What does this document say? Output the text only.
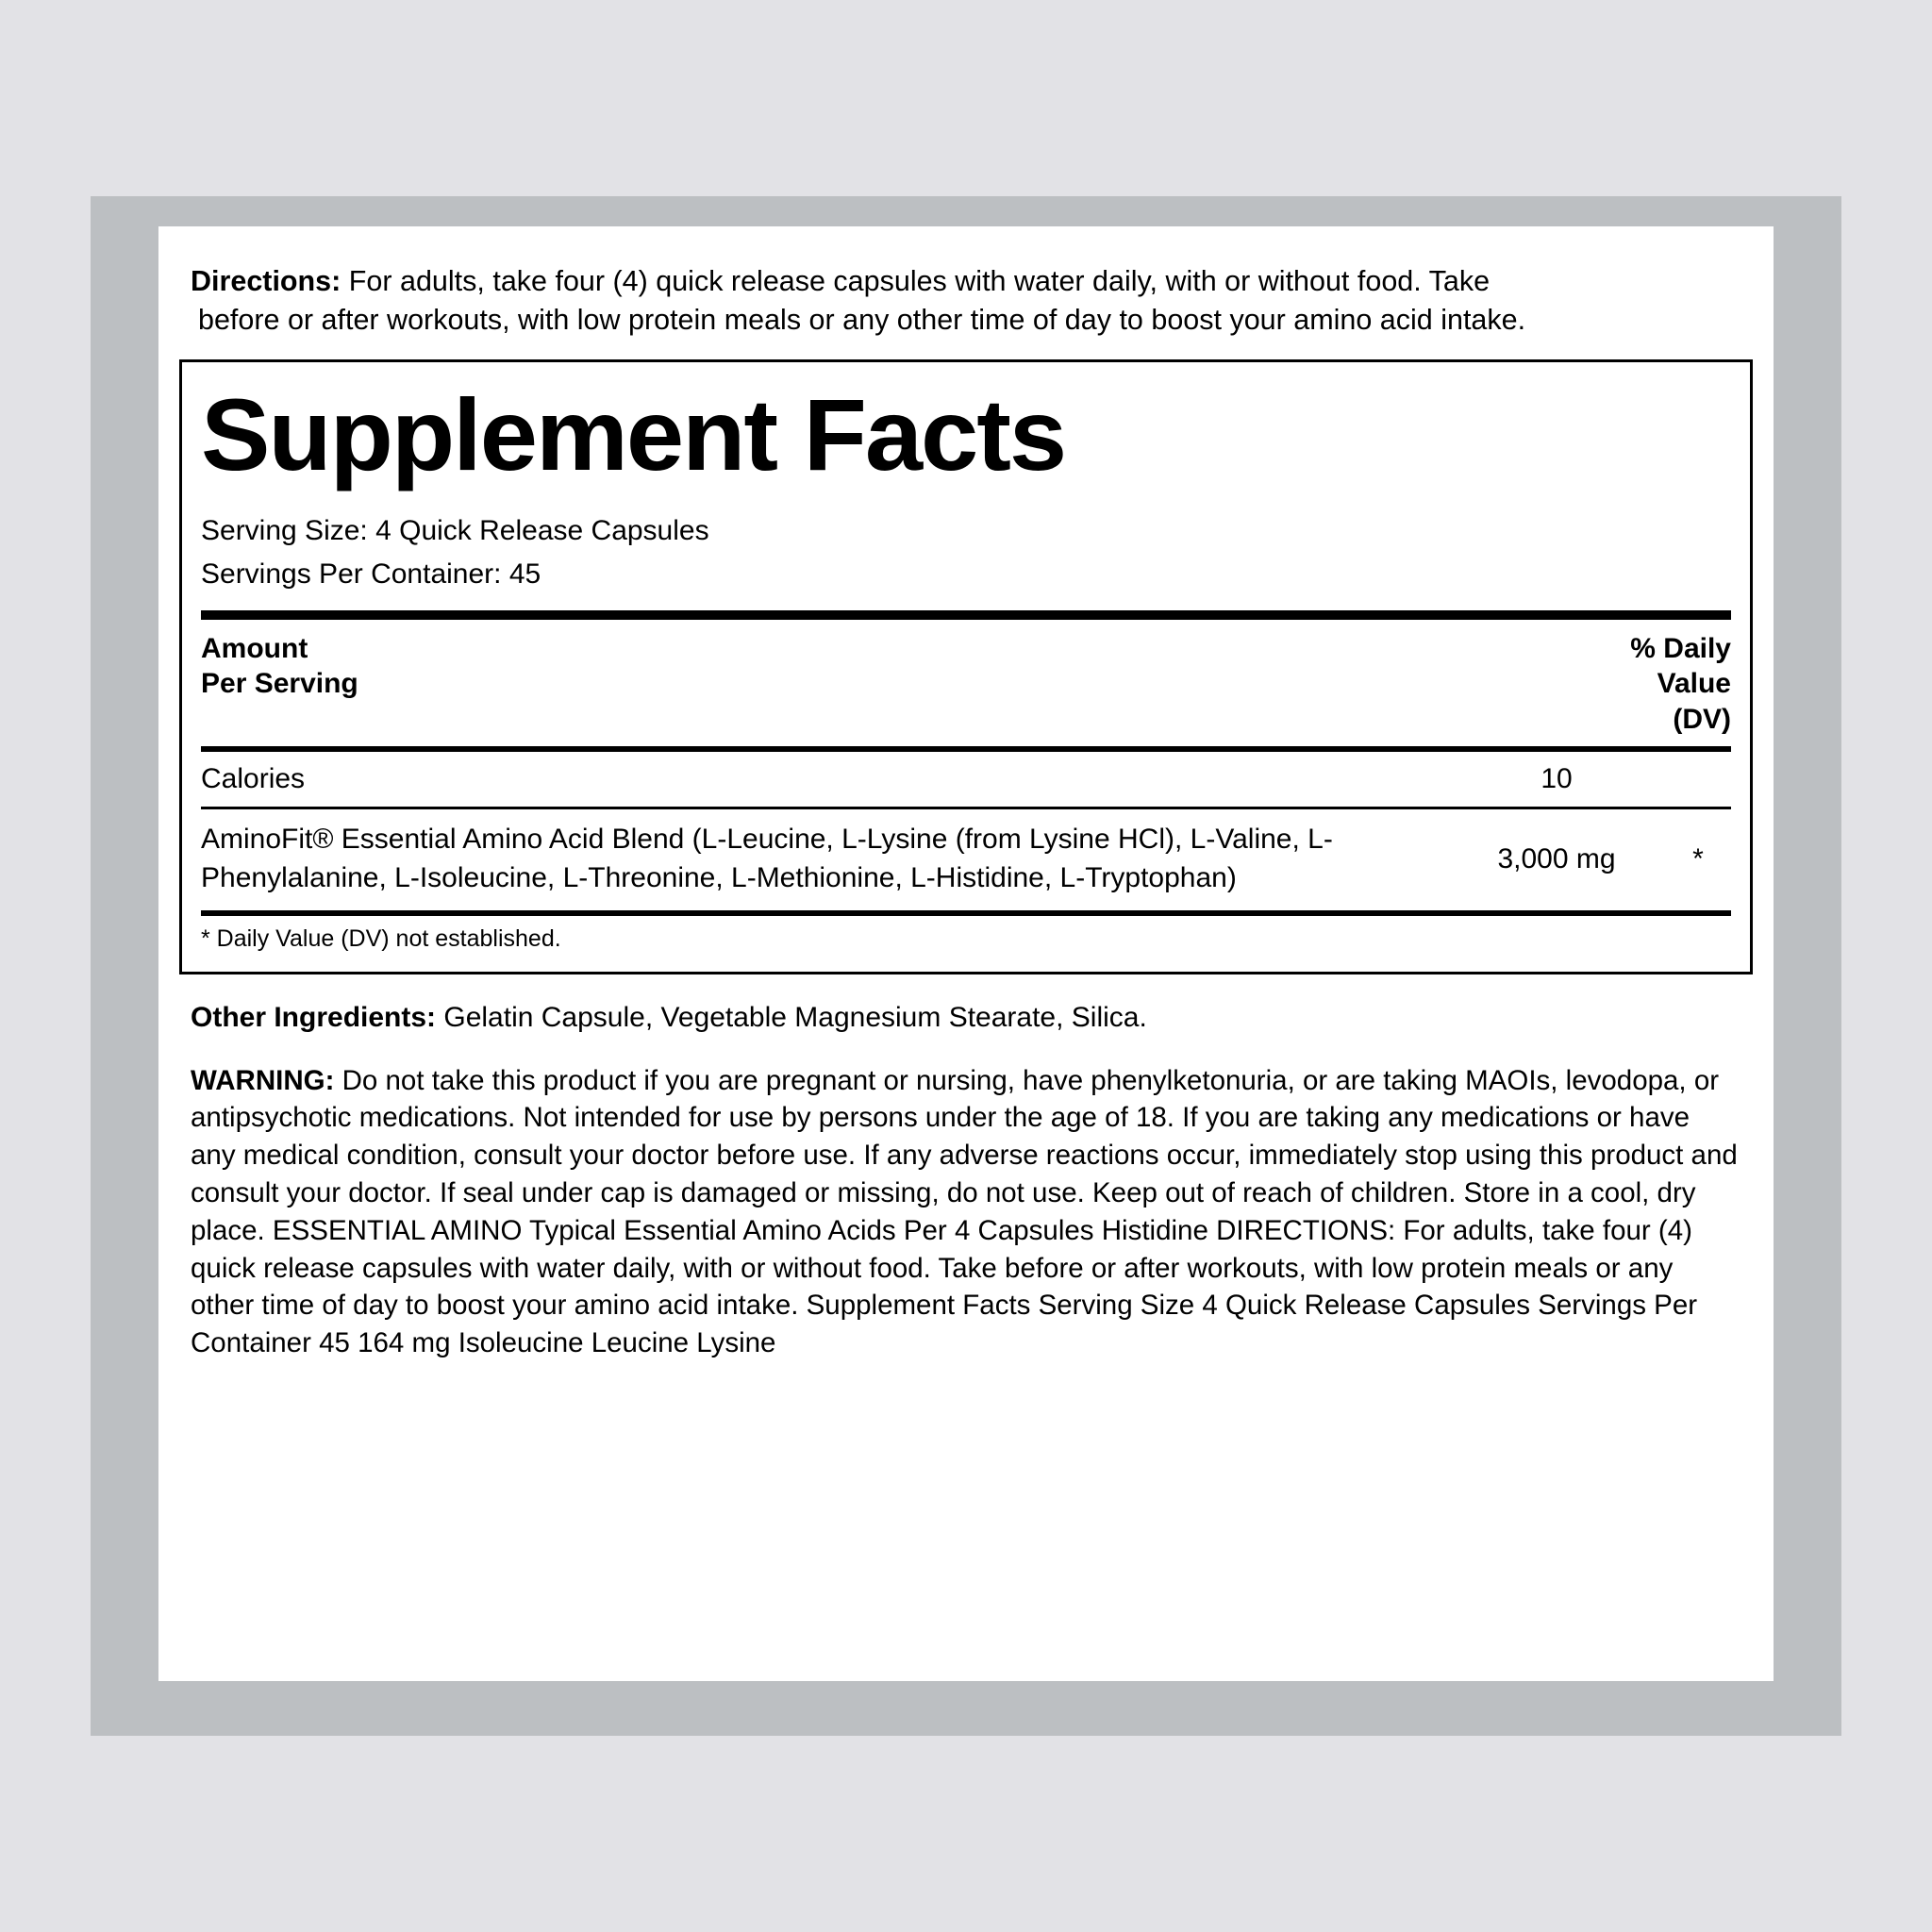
Directions: For adults, take four (4) quick release capsules with water daily, with or without food. Take
before or after workouts, with low protein meals or any other time of day to boost your amino acid intake.
Supplement Facts
Serving Size: 4 Quick Release Capsules
Servings Per Container: 45
Amount
Per Serving
% Daily
Value
(DV)
Calories	10
AminoFit® Essential Amino Acid Blend (L-Leucine, L-Lysine (from Lysine HCl), L-Valine, L-Phenylalanine, L-Isoleucine, L-Threonine, L-Methionine, L-Histidine, L-Tryptophan)
3,000 mg	*
* Daily Value (DV) not established.
Other Ingredients: Gelatin Capsule, Vegetable Magnesium Stearate, Silica.
WARNING: Do not take this product if you are pregnant or nursing, have phenylketonuria, or are taking MAOIs, levodopa, or antipsychotic medications. Not intended for use by persons under the age of 18. If you are taking any medications or have any medical condition, consult your doctor before use. If any adverse reactions occur, immediately stop using this product and consult your doctor. If seal under cap is damaged or missing, do not use. Keep out of reach of children. Store in a cool, dry place. ESSENTIAL AMINO Typical Essential Amino Acids Per 4 Capsules Histidine DIRECTIONS: For adults, take four (4) quick release capsules with water daily, with or without food. Take before or after workouts, with low protein meals or any other time of day to boost your amino acid intake. Supplement Facts Serving Size 4 Quick Release Capsules Servings Per Container 45 164 mg Isoleucine Leucine Lysine
